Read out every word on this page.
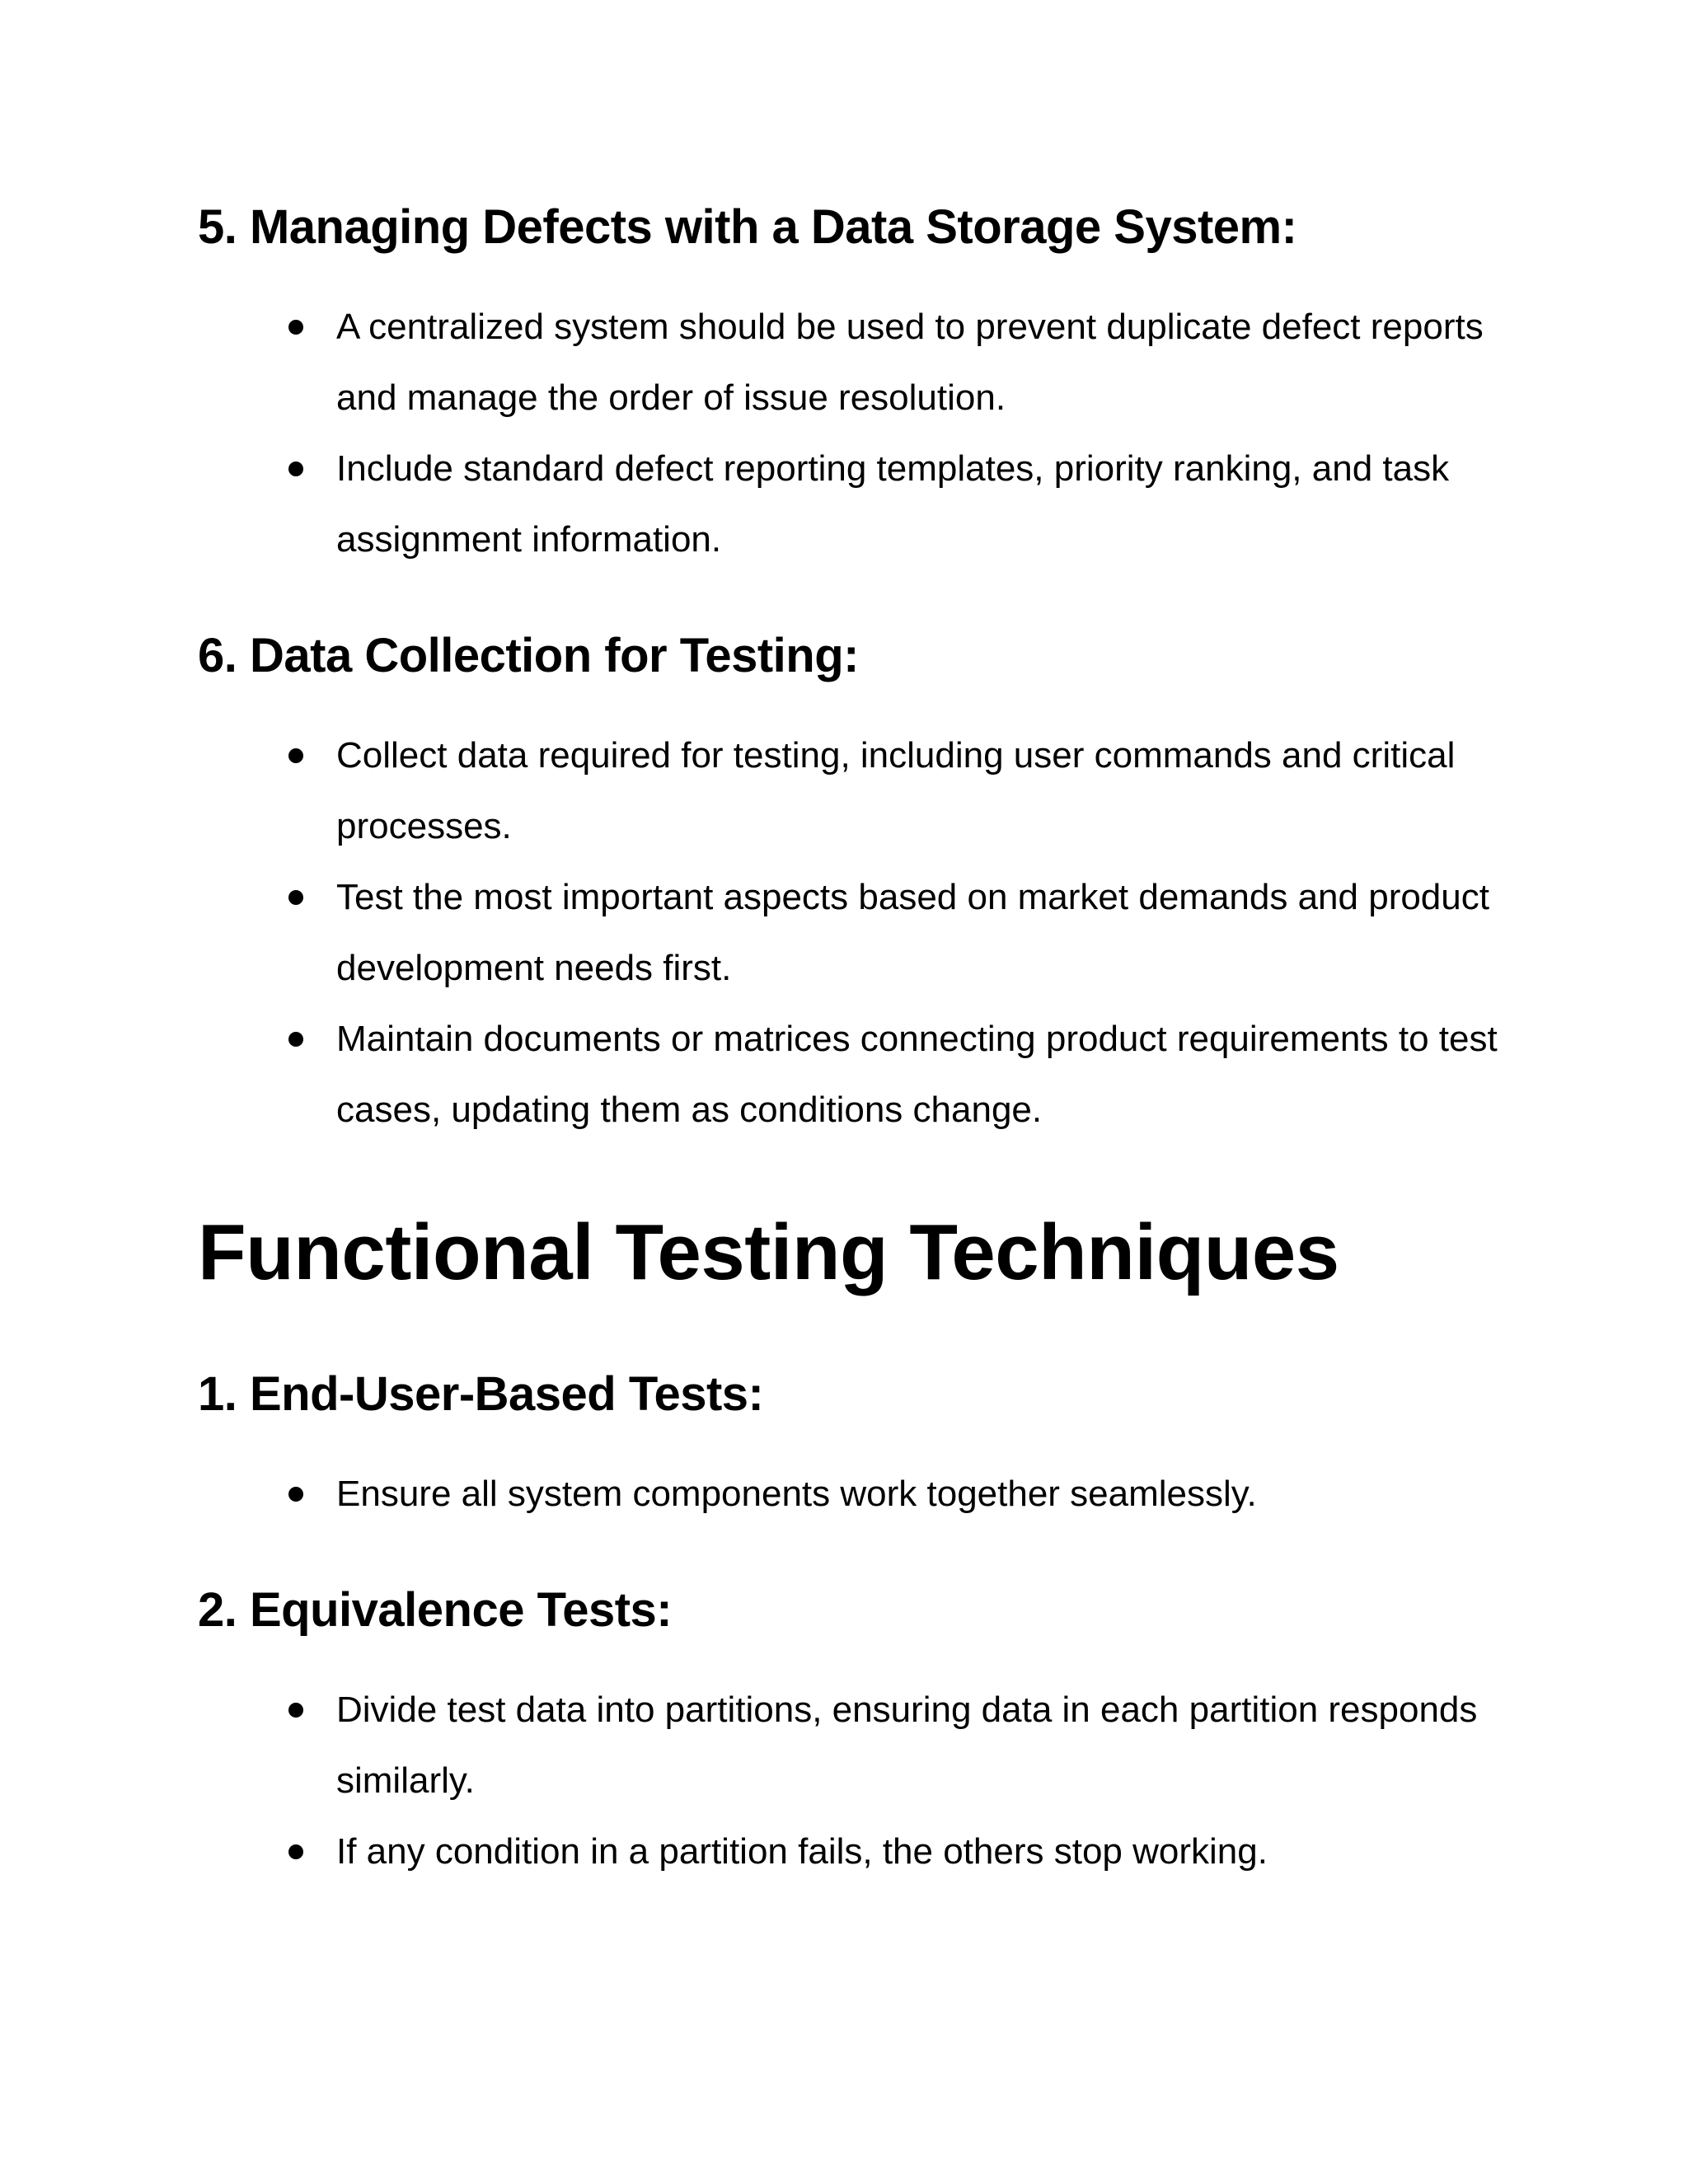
5. Managing Defects with a Data Storage System:
A centralized system should be used to prevent duplicate defect reports and manage the order of issue resolution.
Include standard defect reporting templates, priority ranking, and task assignment information.
6. Data Collection for Testing:
Collect data required for testing, including user commands and critical processes.
Test the most important aspects based on market demands and product development needs first.
Maintain documents or matrices connecting product requirements to test cases, updating them as conditions change.
Functional Testing Techniques
1. End-User-Based Tests:
Ensure all system components work together seamlessly.
2. Equivalence Tests:
Divide test data into partitions, ensuring data in each partition responds similarly.
If any condition in a partition fails, the others stop working.
